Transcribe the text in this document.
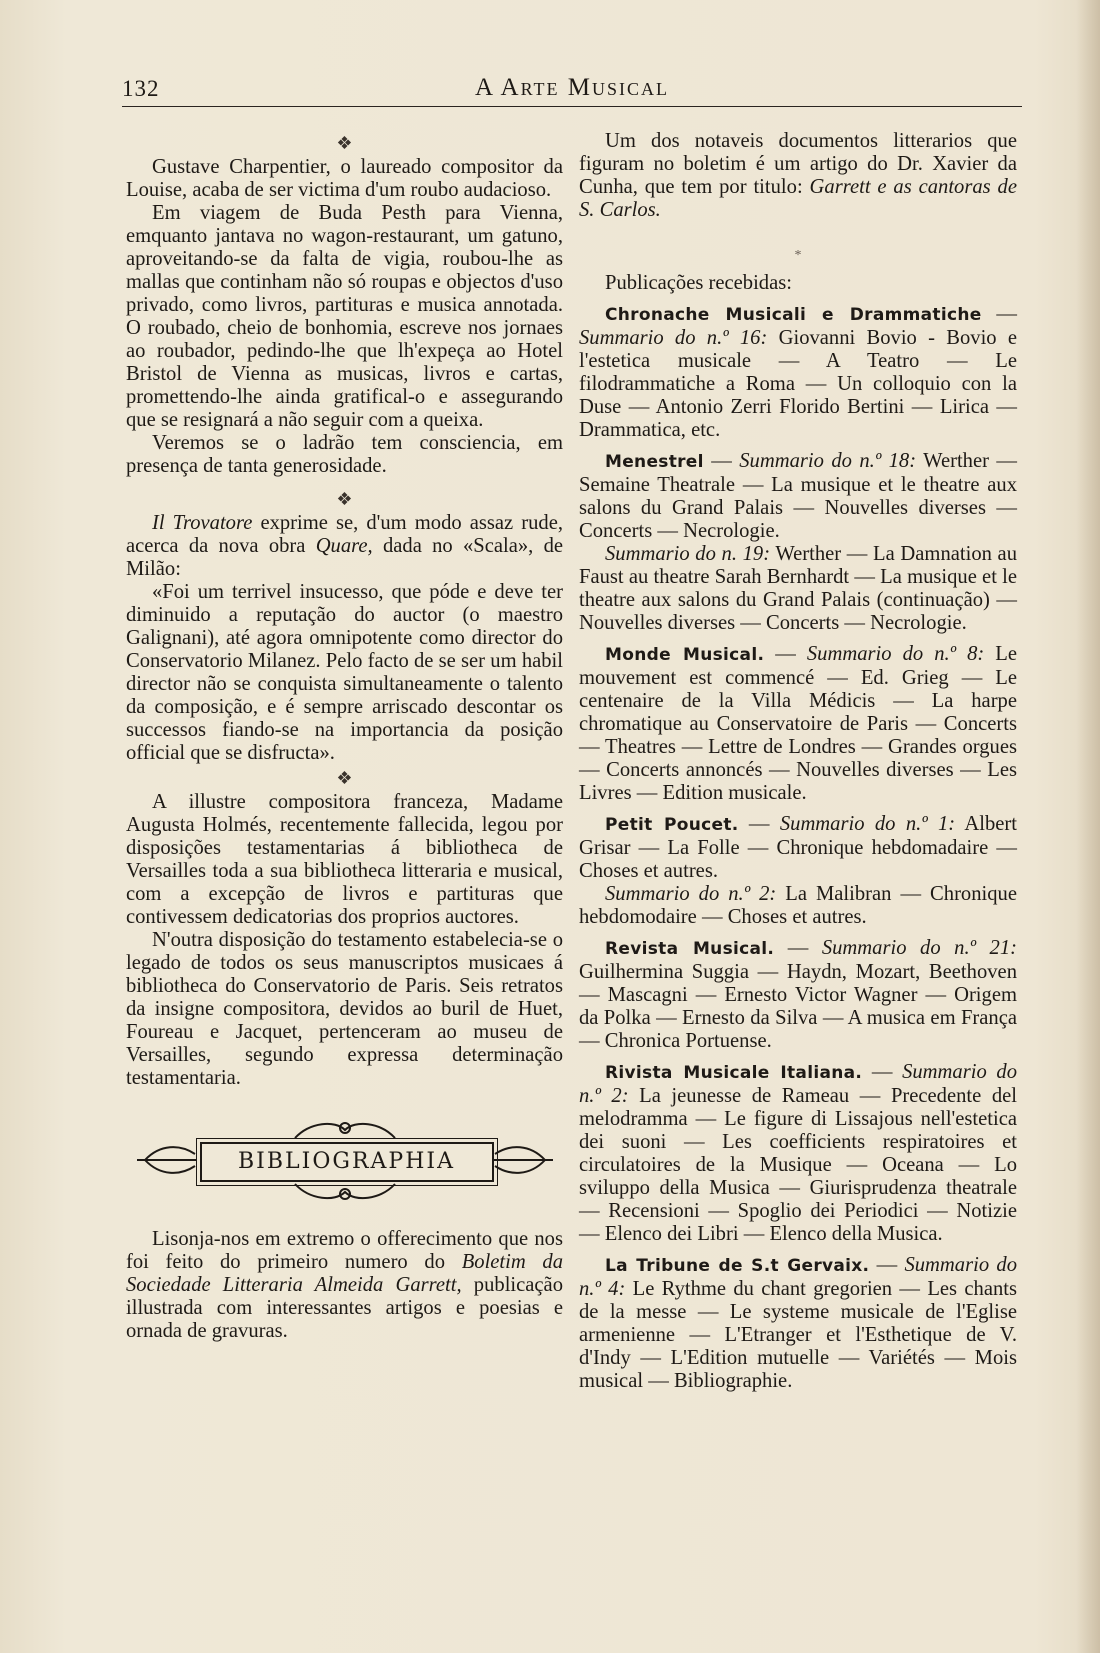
132	A Arte Musical
❖

Gustave Charpentier, o laureado compositor da Louise, acaba de ser victima d'um roubo audacioso.

Em viagem de Buda Pesth para Vienna, emquanto jantava no wagon-restaurant, um gatuno, aproveitando-se da falta de vigia, roubou-lhe as mallas que continham não só roupas e objectos d'uso privado, como livros, partituras e musica annotada. O roubado, cheio de bonhomia, escreve nos jornaes ao roubador, pedindo-lhe que lh'expeça ao Hotel Bristol de Vienna as musicas, livros e cartas, promettendo-lhe ainda gratifical-o e assegurando que se resignará a não seguir com a queixa.

Veremos se o ladrão tem consciencia, em presença de tanta generosidade.

❖

Il Trovatore exprime se, d'um modo assaz rude, acerca da nova obra Quare, dada no «Scala», de Milão:

«Foi um terrivel insucesso, que póde e deve ter diminuido a reputação do auctor (o maestro Galignani), até agora omnipotente como director do Conservatorio Milanez. Pelo facto de se ser um habil director não se conquista simultaneamente o talento da composição, e é sempre arriscado descontar os successos fiando-se na importancia da posição official que se disfructa».

❖

A illustre compositora franceza, Madame Augusta Holmés, recentemente fallecida, legou por disposições testamentarias á bibliotheca de Versailles toda a sua bibliotheca litteraria e musical, com a excepção de livros e partituras que contivessem dedicatorias dos proprios auctores.

N'outra disposição do testamento estabelecia-se o legado de todos os seus manuscriptos musicaes á bibliotheca do Conservatorio de Paris. Seis retratos da insigne compositora, devidos ao buril de Huet, Foureau e Jacquet, pertenceram ao museu de Versailles, segundo expressa determinação testamentaria.

BIBLIOGRAPHIA

Lisonja-nos em extremo o offerecimento que nos foi feito do primeiro numero do Boletim da Sociedade Litteraria Almeida Garrett, publicação illustrada com interessantes artigos e poesias e ornada de gravuras.

Um dos notaveis documentos litterarios que figuram no boletim é um artigo do Dr. Xavier da Cunha, que tem por titulo: Garrett e as cantoras de S. Carlos.

*

Publicações recebidas:

Chronache Musicali e Drammatiche — Summario do n.º 16: Giovanni Bovio - Bovio e l'estetica musicale — A Teatro — Le filodrammatiche a Roma — Un colloquio con la Duse — Antonio Zerri Florido Bertini — Lirica — Drammatica, etc.

Menestrel — Summario do n.º 18: Werther — Semaine Theatrale — La musique et le theatre aux salons du Grand Palais — Nouvelles diverses — Concerts — Necrologie.

Summario do n. 19: Werther — La Damnation au Faust au theatre Sarah Bernhardt — La musique et le theatre aux salons du Grand Palais (continuação) — Nouvelles diverses — Concerts — Necrologie.

Monde Musical. — Summario do n.º 8: Le mouvement est commencé — Ed. Grieg — Le centenaire de la Villa Médicis — La harpe chromatique au Conservatoire de Paris — Concerts — Theatres — Lettre de Londres — Grandes orgues — Concerts annoncés — Nouvelles diverses — Les Livres — Edition musicale.

Petit Poucet. — Summario do n.º 1: Albert Grisar — La Folle — Chronique hebdomadaire — Choses et autres.

Summario do n.º 2: La Malibran — Chronique hebdomodaire — Choses et autres.

Revista Musical. — Summario do n.º 21: Guilhermina Suggia — Haydn, Mozart, Beethoven — Mascagni — Ernesto Victor Wagner — Origem da Polka — Ernesto da Silva — A musica em França — Chronica Portuense.

Rivista Musicale Italiana. — Summario do n.º 2: La jeunesse de Rameau — Precedente del melodramma — Le figure di Lissajous nell'estetica dei suoni — Les coefficients respiratoires et circulatoires de la Musique — Oceana — Lo sviluppo della Musica — Giurisprudenza theatrale — Recensioni — Spoglio dei Periodici — Notizie — Elenco dei Libri — Elenco della Musica.

La Tribune de S.t Gervaix. — Summario do n.º 4: Le Rythme du chant gregorien — Les chants de la messe — Le systeme musicale de l'Eglise armenienne — L'Etranger et l'Esthetique de V. d'Indy — L'Edition mutuelle — Variétés — Mois musical — Bibliographie.
